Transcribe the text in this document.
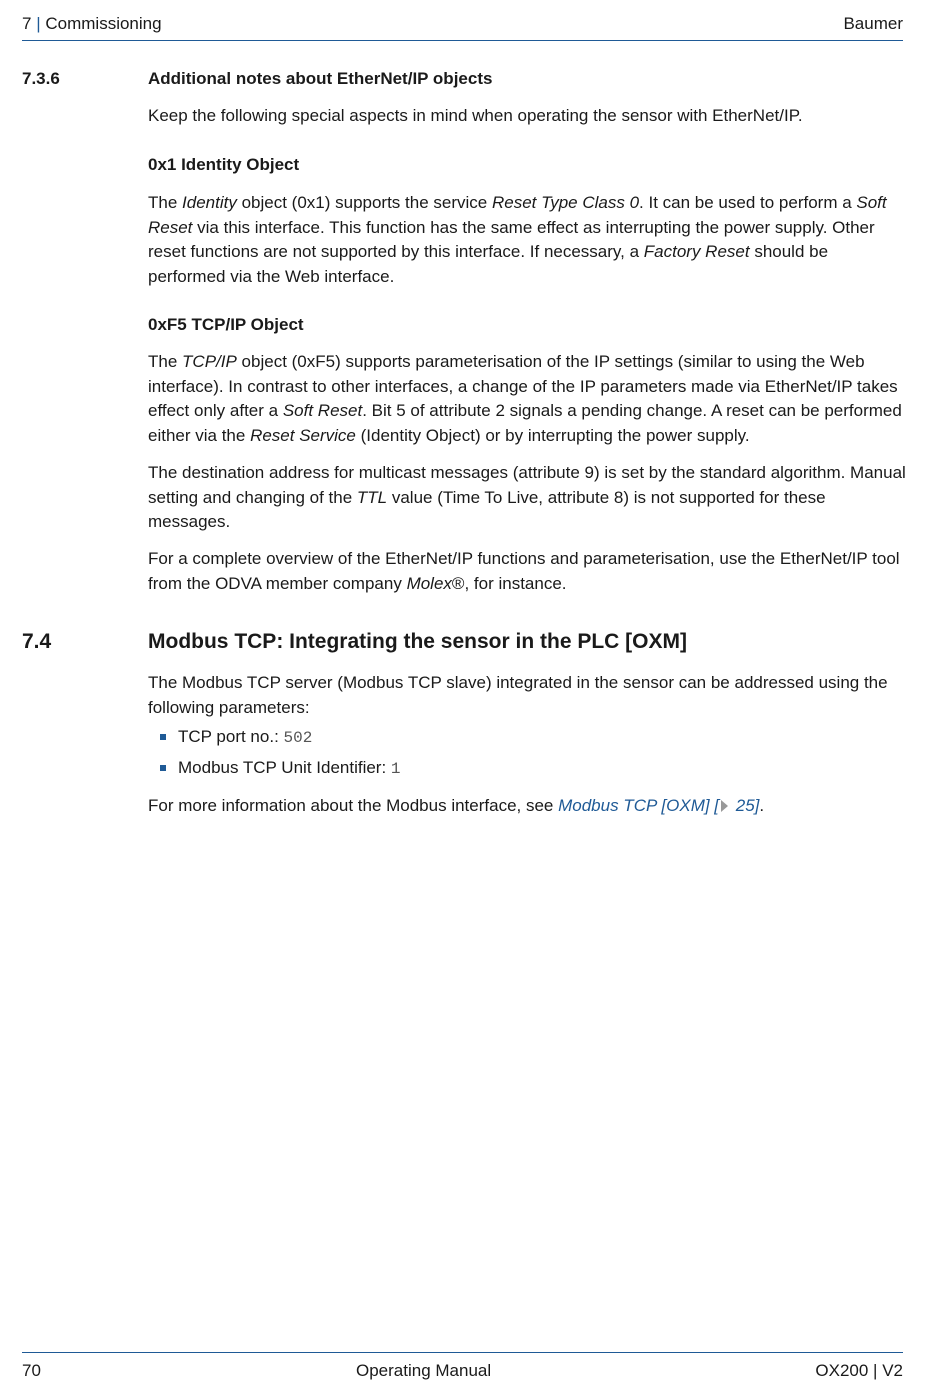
7 | Commissioning	Baumer
7.3.6	Additional notes about EtherNet/IP objects

Keep the following special aspects in mind when operating the sensor with EtherNet/IP.

0x1 Identity Object

The Identity object (0x1) supports the service Reset Type Class 0. It can be used to perform a Soft Reset via this interface. This function has the same effect as interrupting the power supply. Other reset functions are not supported by this interface. If necessary, a Factory Reset should be performed via the Web interface.

0xF5 TCP/IP Object

The TCP/IP object (0xF5) supports parameterisation of the IP settings (similar to using the Web interface). In contrast to other interfaces, a change of the IP parameters made via EtherNet/IP takes effect only after a Soft Reset. Bit 5 of attribute 2 signals a pending change. A reset can be performed either via the Reset Service (Identity Object) or by interrupting the power supply.

The destination address for multicast messages (attribute 9) is set by the standard algorithm. Manual setting and changing of the TTL value (Time To Live, attribute 8) is not supported for these messages.

For a complete overview of the EtherNet/IP functions and parameterisation, use the EtherNet/IP tool from the ODVA member company Molex®, for instance.

7.4	Modbus TCP: Integrating the sensor in the PLC [OXM]

The Modbus TCP server (Modbus TCP slave) integrated in the sensor can be addressed using the following parameters:

TCP port no.: 502
Modbus TCP Unit Identifier: 1

For more information about the Modbus interface, see Modbus TCP [OXM] [ 25].

70	Operating Manual	OX200 | V2
